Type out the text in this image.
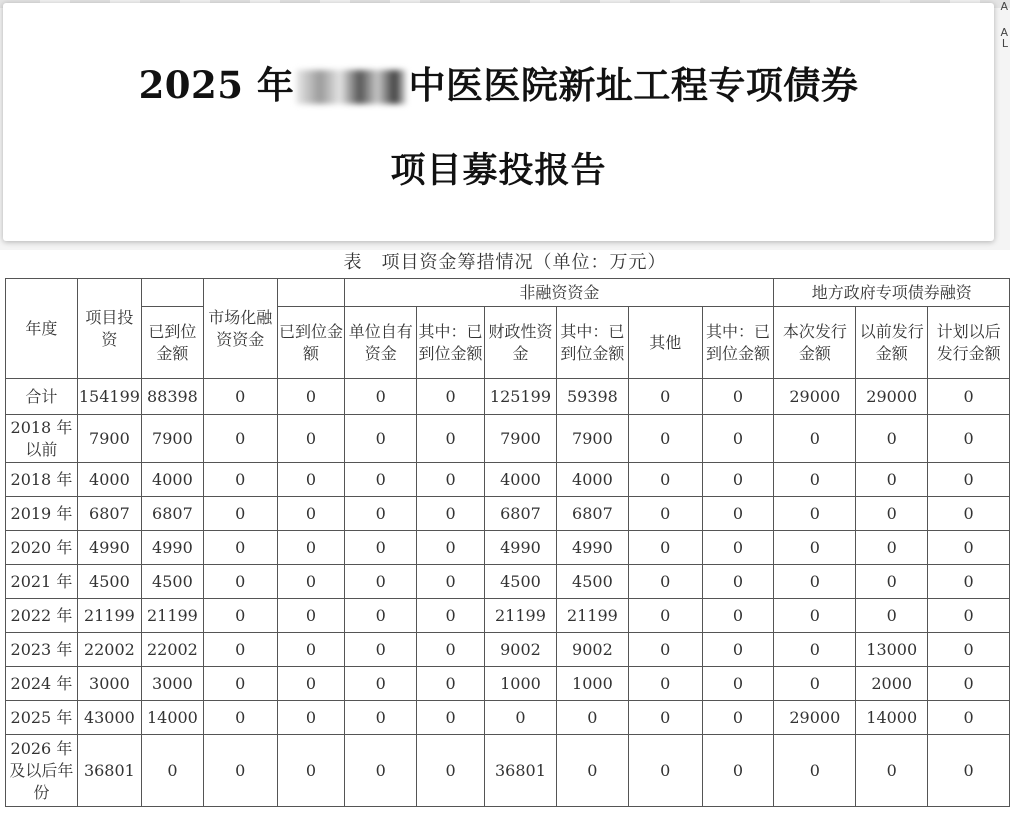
A
A
L
2025 年	中医医院新址工程专项债券
项目募投报告
表　项目资金筹措情况（单位：万元）
年度	项目投资		市场化融资资金		非融资资金						地方政府专项债券融资		

		已到位金额		已到位金额	单位自有资金	其中：已到位金额	财政性资金	其中：已到位金额	其他	其中：已到位金额	本次发行金额	以前发行金额	计划以后发行金额
合计	154199	88398	0	0	0	0	125199	59398	0	0	29000	29000	0
2018 年以前	7900	7900	0	0	0	0	7900	7900	0	0	0	0	0
2018 年	4000	4000	0	0	0	0	4000	4000	0	0	0	0	0
2019 年	6807	6807	0	0	0	0	6807	6807	0	0	0	0	0
2020 年	4990	4990	0	0	0	0	4990	4990	0	0	0	0	0
2021 年	4500	4500	0	0	0	0	4500	4500	0	0	0	0	0
2022 年	21199	21199	0	0	0	0	21199	21199	0	0	0	0	0
2023 年	22002	22002	0	0	0	0	9002	9002	0	0	0	13000	0
2024 年	3000	3000	0	0	0	0	1000	1000	0	0	0	2000	0
2025 年	43000	14000	0	0	0	0	0	0	0	0	29000	14000	0
2026 年及以后年份	36801	0	0	0	0	0	36801	0	0	0	0	0	0
